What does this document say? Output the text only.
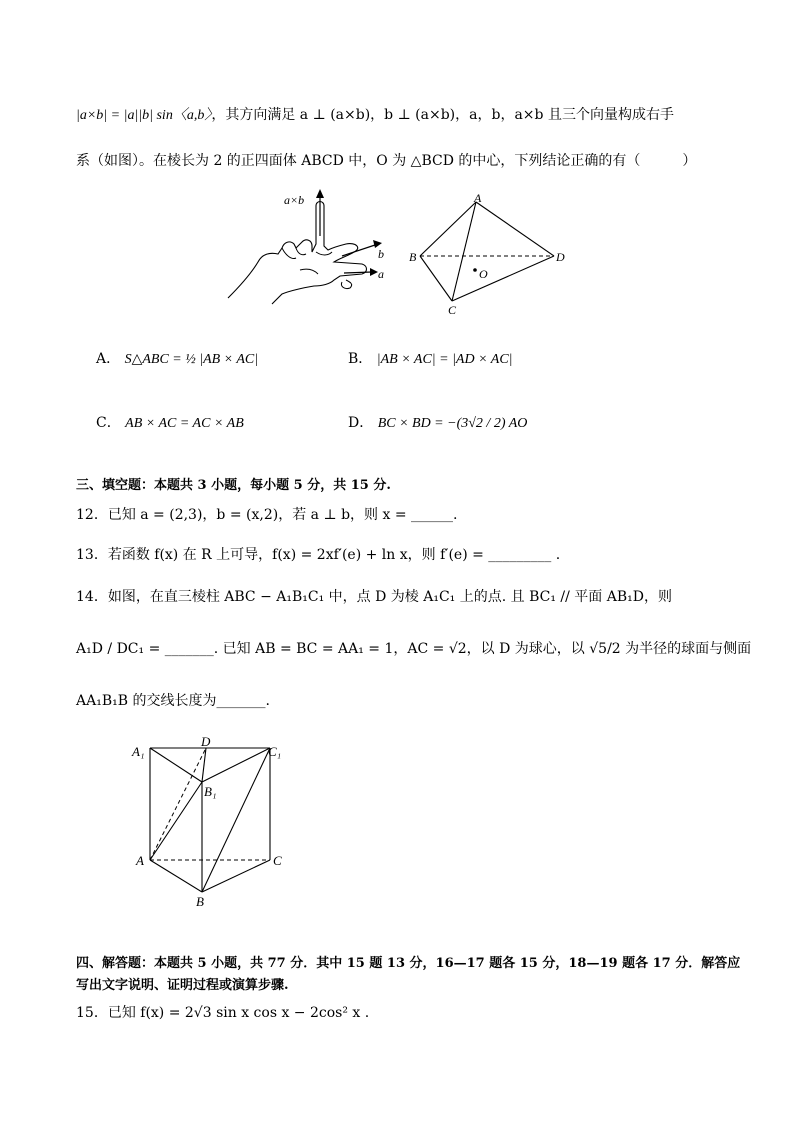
|a×b| = |a||b| sin〈a,b〉，其方向满足 a ⊥ (a×b)，b ⊥ (a×b)，a，b，a×b 且三个向量构成右手
系（如图）。在棱长为 2 的正四面体 ABCD 中，O 为 △BCD 的中心，下列结论正确的有（　　　）
a×b
b
a
A
B
C
D
O
A． S△ABC = ½ |AB × AC|	B． |AB × AC| = |AD × AC|
C． AB × AC = AC × AB	D． BC × BD = −(3√2 / 2) AO
三、填空题：本题共 3 小题，每小题 5 分，共 15 分.
12．已知 a = (2,3)，b = (x,2)，若 a ⊥ b，则 x = ______.
13．若函数 f(x) 在 R 上可导，f(x) = 2xf′(e) + ln x，则 f′(e) = _________ .
14．如图，在直三棱柱 ABC − A₁B₁C₁ 中，点 D 为棱 A₁C₁ 上的点. 且 BC₁ // 平面 AB₁D，则
A₁D / DC₁ = _______. 已知 AB = BC = AA₁ = 1，AC = √2，以 D 为球心，以 √5/2 为半径的球面与侧面
AA₁B₁B 的交线长度为_______.
A₁
D
C₁
B₁
A	C
B
四、解答题：本题共 5 小题，共 77 分．其中 15 题 13 分，16—17 题各 15 分，18—19 题各 17 分．解答应
写出文字说明、证明过程或演算步骤.
15．已知 f(x) = 2√3 sin x cos x − 2cos² x .
